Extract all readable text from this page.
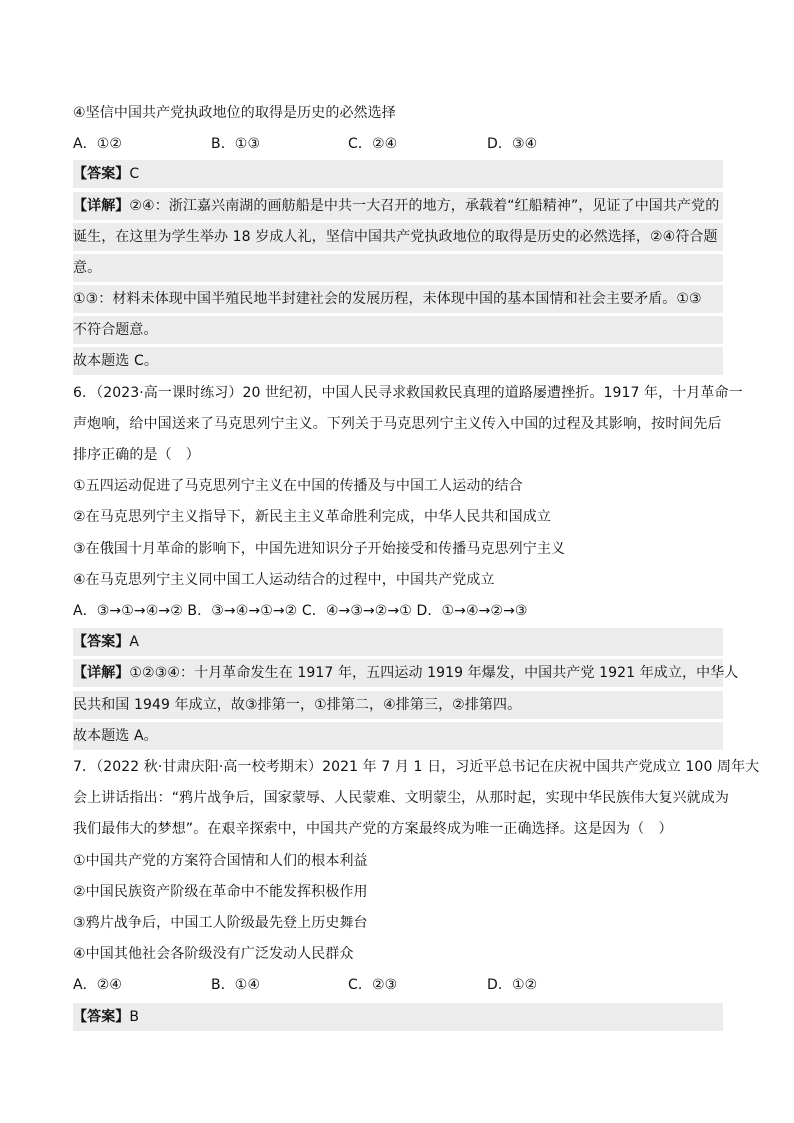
④坚信中国共产党执政地位的取得是历史的必然选择
A．①②	B．①③	C．②④	D．③④
【答案】C
【详解】②④：浙江嘉兴南湖的画舫船是中共一大召开的地方，承载着“红船精神”，见证了中国共产党的
诞生，在这里为学生举办 18 岁成人礼，坚信中国共产党执政地位的取得是历史的必然选择，②④符合题
意。
①③：材料未体现中国半殖民地半封建社会的发展历程，未体现中国的基本国情和社会主要矛盾。①③
不符合题意。
故本题选 C。
6．（2023·高一课时练习）20 世纪初，中国人民寻求救国救民真理的道路屡遭挫折。1917 年，十月革命一
声炮响，给中国送来了马克思列宁主义。下列关于马克思列宁主义传入中国的过程及其影响，按时间先后
排序正确的是（　）
①五四运动促进了马克思列宁主义在中国的传播及与中国工人运动的结合
②在马克思列宁主义指导下，新民主主义革命胜利完成，中华人民共和国成立
③在俄国十月革命的影响下，中国先进知识分子开始接受和传播马克思列宁主义
④在马克思列宁主义同中国工人运动结合的过程中，中国共产党成立
A．③→①→④→② B．③→④→①→② C．④→③→②→① D．①→④→②→③
【答案】A
【详解】①②③④：十月革命发生在 1917 年，五四运动 1919 年爆发，中国共产党 1921 年成立，中华人
民共和国 1949 年成立，故③排第一，①排第二，④排第三，②排第四。
故本题选 A。
7．（2022 秋·甘肃庆阳·高一校考期末）2021 年 7 月 1 日，习近平总书记在庆祝中国共产党成立 100 周年大
会上讲话指出：“鸦片战争后，国家蒙辱、人民蒙难、文明蒙尘，从那时起，实现中华民族伟大复兴就成为
我们最伟大的梦想”。在艰辛探索中，中国共产党的方案最终成为唯一正确选择。这是因为（　）
①中国共产党的方案符合国情和人们的根本利益
②中国民族资产阶级在革命中不能发挥积极作用
③鸦片战争后，中国工人阶级最先登上历史舞台
④中国其他社会各阶级没有广泛发动人民群众
A．②④	B．①④	C．②③	D．①②
【答案】B
